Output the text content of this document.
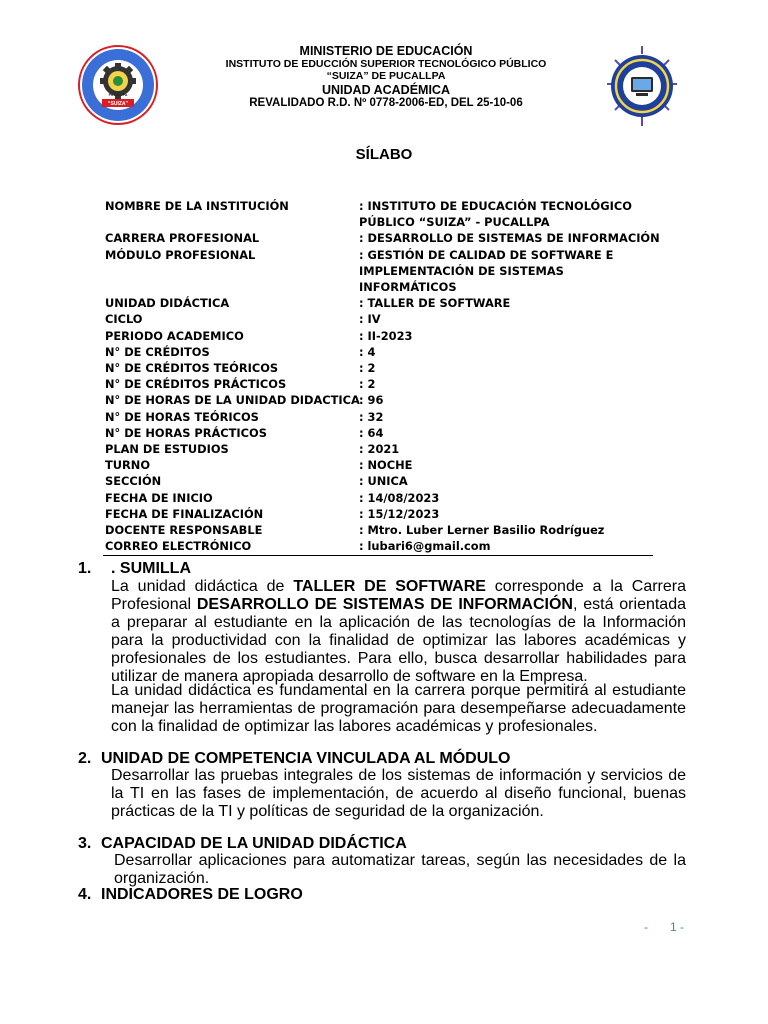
“SUIZA”
PUCALLPA
MINISTERIO DE EDUCACIÓN
INSTITUTO DE EDUCCIÓN SUPERIOR TECNOLÓGICO PÚBLICO
“SUIZA” DE PUCALLPA
UNIDAD ACADÉMICA
REVALIDADO R.D. Nº 0778-2006-ED, DEL 25-10-06
SÍLABO
NOMBRE DE LA INSTITUCIÓN	: INSTITUTO DE EDUCACIÓN TECNOLÓGICO PÚBLICO “SUIZA” - PUCALLPA
CARRERA PROFESIONAL	: DESARROLLO DE SISTEMAS DE INFORMACIÓN
MÓDULO PROFESIONAL	: GESTIÓN DE CALIDAD DE SOFTWARE E IMPLEMENTACIÓN DE SISTEMAS INFORMÁTICOS
UNIDAD DIDÁCTICA	: TALLER DE SOFTWARE
CICLO	: IV
PERIODO ACADEMICO	: II-2023
N° DE CRÉDITOS	: 4
N° DE CRÉDITOS TEÓRICOS	: 2
N° DE CRÉDITOS PRÁCTICOS	: 2
N° DE HORAS DE LA UNIDAD DIDACTICA : 96
N° DE HORAS TEÓRICOS	: 32
N° DE HORAS PRÁCTICOS	: 64
PLAN DE ESTUDIOS	: 2021
TURNO	: NOCHE
SECCIÓN	: UNICA
FECHA DE INICIO	: 14/08/2023
FECHA DE FINALIZACIÓN	: 15/12/2023
DOCENTE RESPONSABLE	: Mtro. Luber Lerner Basilio Rodríguez
CORREO ELECTRÓNICO	: lubari6@gmail.com
1.	. SUMILLA
La unidad didáctica de TALLER DE SOFTWARE corresponde a la Carrera Profesional DESARROLLO DE SISTEMAS DE INFORMACIÓN, está orientada a preparar al estudiante en la aplicación de las tecnologías de la Información para la productividad con la finalidad de optimizar las labores académicas y profesionales de los estudiantes. Para ello, busca desarrollar habilidades para utilizar de manera apropiada desarrollo de software en la Empresa.
La unidad didáctica es fundamental en la carrera porque permitirá al estudiante manejar las herramientas de programación para desempeñarse adecuadamente con la finalidad de optimizar las labores académicas y profesionales.
2. UNIDAD DE COMPETENCIA VINCULADA AL MÓDULO
Desarrollar las pruebas integrales de los sistemas de información y servicios de la TI en las fases de implementación, de acuerdo al diseño funcional, buenas prácticas de la TI y políticas de seguridad de la organización.
3. CAPACIDAD DE LA UNIDAD DIDÁCTICA
Desarrollar aplicaciones para automatizar tareas, según las necesidades de la organización.
4. INDICADORES DE LOGRO
- 1 -
